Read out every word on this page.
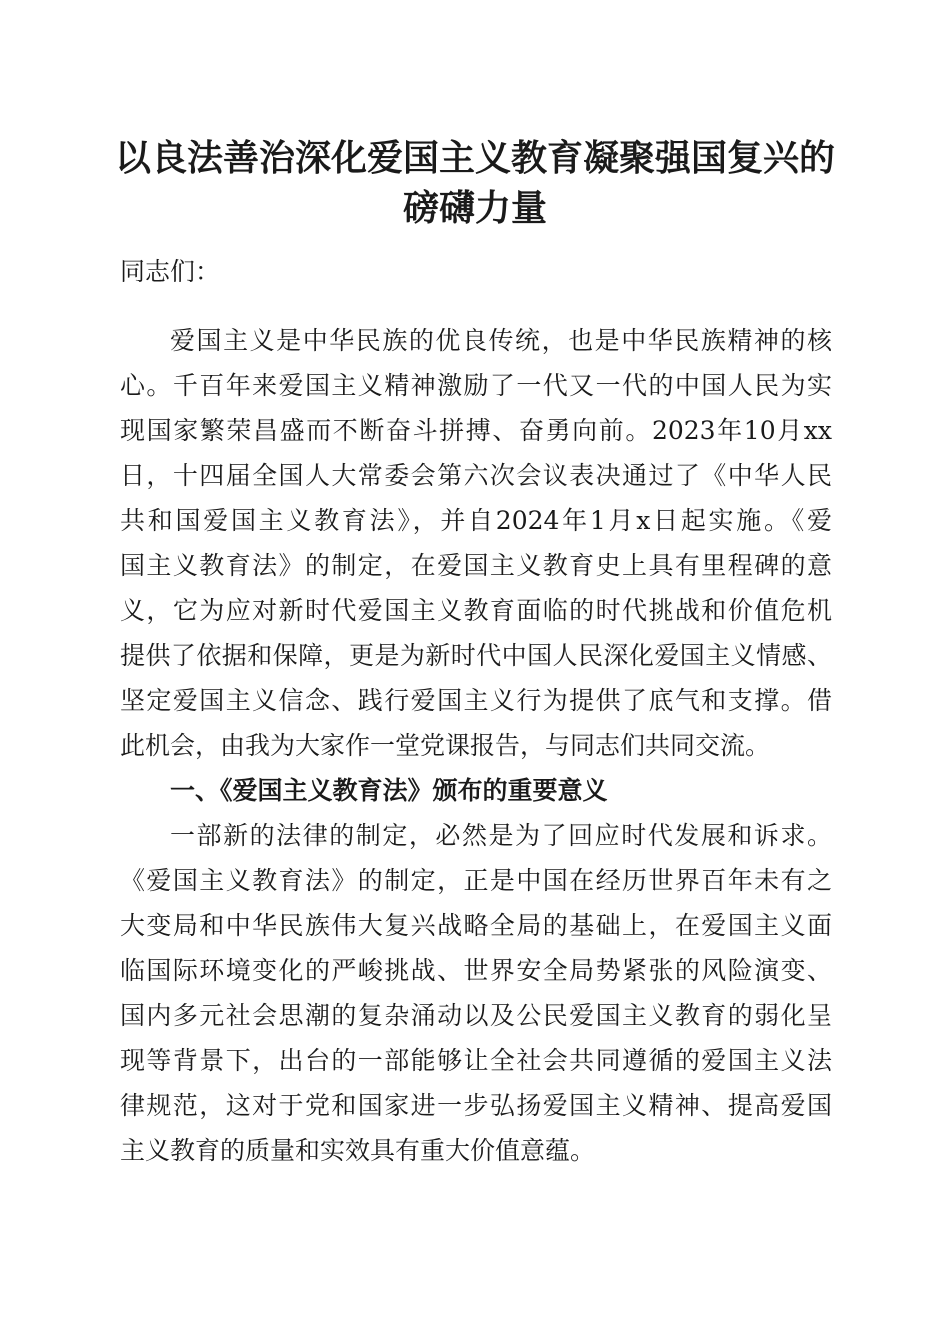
以良法善治深化爱国主义教育凝聚强国复兴的
磅礴力量
同志们：
爱国主义是中华民族的优良传统，也是中华民族精神的核
心。千百年来爱国主义精神激励了一代又一代的中国人民为实
现国家繁荣昌盛而不断奋斗拼搏、奋勇向前。2023年10月xx
日，十四届全国人大常委会第六次会议表决通过了《中华人民
共和国爱国主义教育法》，并自2024年1月x日起实施。《爱
国主义教育法》的制定，在爱国主义教育史上具有里程碑的意
义，它为应对新时代爱国主义教育面临的时代挑战和价值危机
提供了依据和保障，更是为新时代中国人民深化爱国主义情感、
坚定爱国主义信念、践行爱国主义行为提供了底气和支撑。借
此机会，由我为大家作一堂党课报告，与同志们共同交流。
一、《爱国主义教育法》颁布的重要意义
一部新的法律的制定，必然是为了回应时代发展和诉求。
《爱国主义教育法》的制定，正是中国在经历世界百年未有之
大变局和中华民族伟大复兴战略全局的基础上，在爱国主义面
临国际环境变化的严峻挑战、世界安全局势紧张的风险演变、
国内多元社会思潮的复杂涌动以及公民爱国主义教育的弱化呈
现等背景下，出台的一部能够让全社会共同遵循的爱国主义法
律规范，这对于党和国家进一步弘扬爱国主义精神、提高爱国
主义教育的质量和实效具有重大价值意蕴。
